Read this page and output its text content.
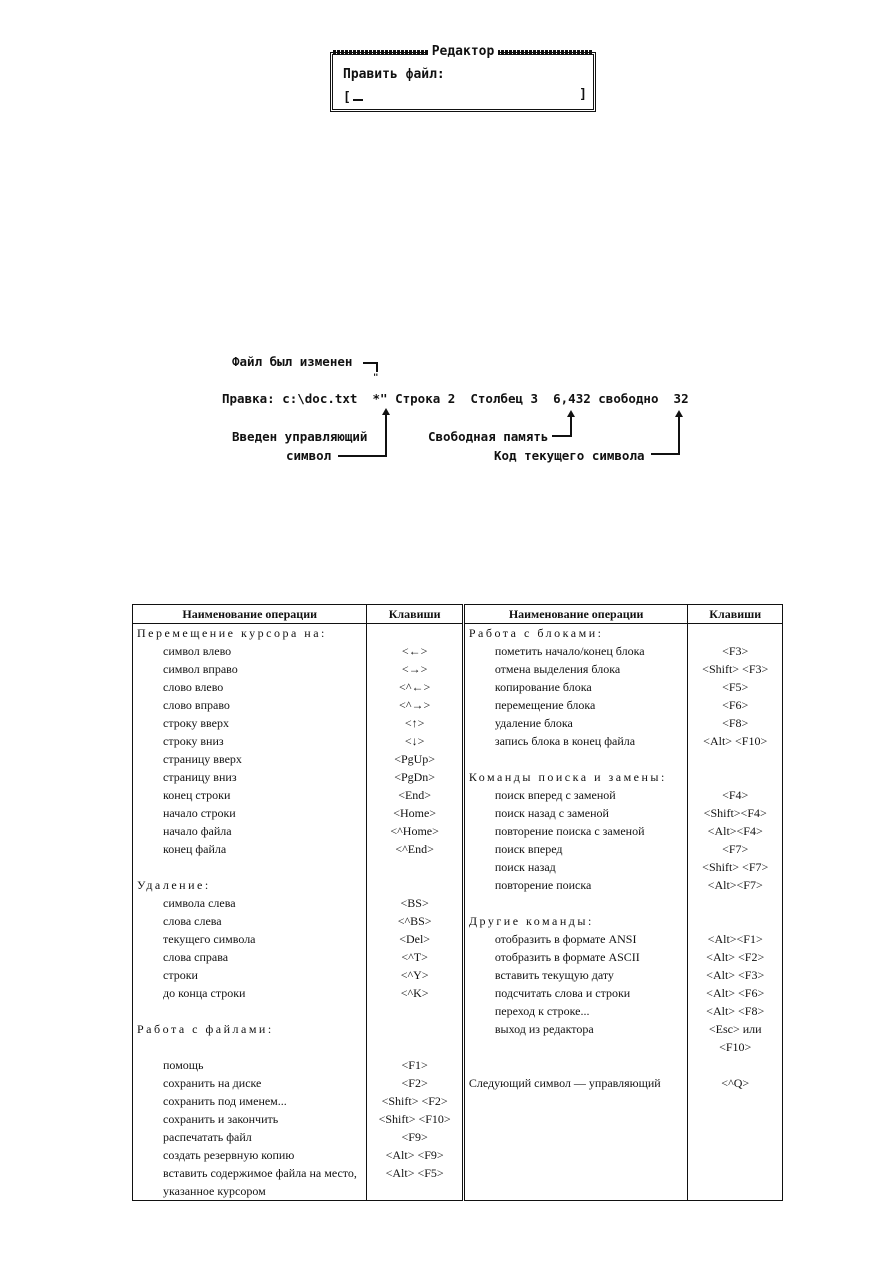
Редактор
Править файл:
[	]
Файл был изменен
"
Правка: c:\doc.txt  *" Строка 2  Столбец 3  6,432 свободно  32
Введен управляющий
символ
Свободная память
Код текущего символа
Наименование операции	Клавиши	Наименование операции	Клавиши
Перемещение курсора на:		Работа с блоками:	
символ влево	<←>	пометить начало/конец блока	<F3>
символ вправо	<→>	отмена выделения блока	<Shift> <F3>
слово влево	<^←>	копирование блока	<F5>
слово вправо	<^→>	перемещение блока	<F6>
строку вверх	<↑>	удаление блока	<F8>
строку вниз	<↓>	запись блока в конец файла	<Alt> <F10>
страницу вверх	<PgUp>		
страницу вниз	<PgDn>	Команды поиска и замены:	
конец строки	<End>	поиск вперед с заменой	<F4>
начало строки	<Home>	поиск назад с заменой	<Shift><F4>
начало файла	<^Home>	повторение поиска с заменой	<Alt><F4>
конец файла	<^End>	поиск вперед	<F7>
		поиск назад	<Shift> <F7>
Удаление:		повторение поиска	<Alt><F7>
символа слева	<BS>		
слова слева	<^BS>	Другие команды:	
текущего символа	<Del>	отобразить в формате ANSI	<Alt><F1>
слова справа	<^T>	отобразить в формате ASCII	<Alt> <F2>
строки	<^Y>	вставить текущую дату	<Alt> <F3>
до конца строки	<^K>	подсчитать слова и строки	<Alt> <F6>
		переход к строке...	<Alt> <F8>
Работа с файлами:		выход из редактора	<Esc> или <F10>
помощь	<F1>		
сохранить на диске	<F2>	Следующий символ — управляющий	<^Q>
сохранить под именем...	<Shift> <F2>		
сохранить и закончить	<Shift> <F10>		
распечатать файл	<F9>		
создать резервную копию	<Alt> <F9>		
вставить содержимое файла на место, указанное курсором	<Alt> <F5>		
